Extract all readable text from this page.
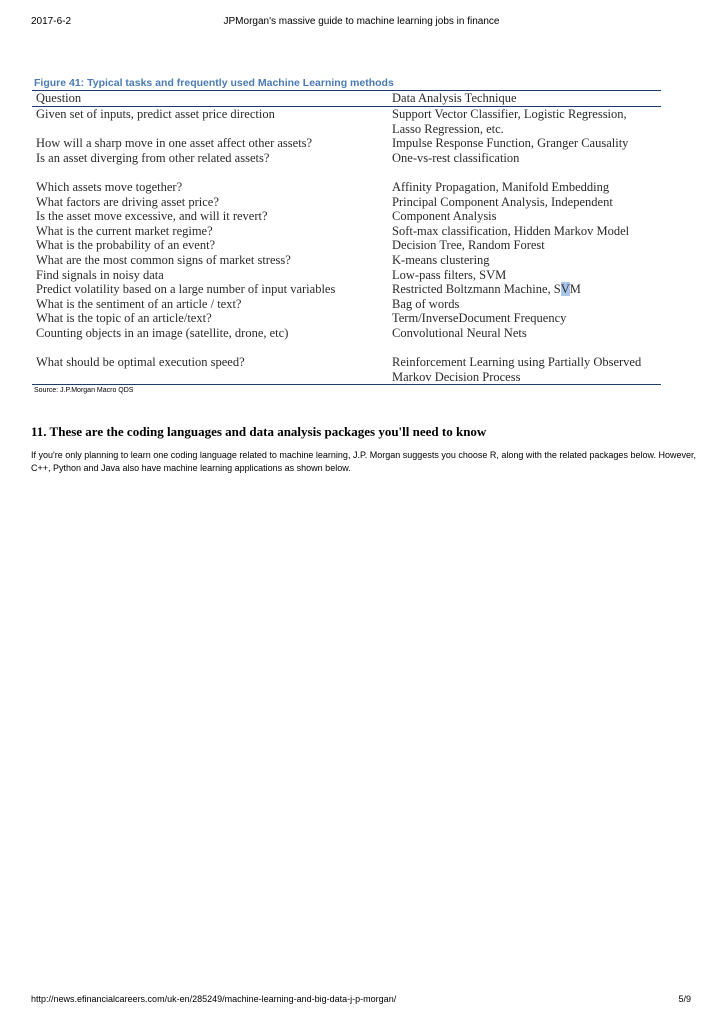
2017-6-2	JPMorgan's massive guide to machine learning jobs in finance
Figure 41: Typical tasks and frequently used Machine Learning methods
Question	Data Analysis Technique
Given set of inputs, predict asset price direction	Support Vector Classifier, Logistic Regression,
Lasso Regression, etc.
How will a sharp move in one asset affect other assets?	Impulse Response Function, Granger Causality
Is an asset diverging from other related assets?	One-vs-rest classification
Which assets move together?	Affinity Propagation, Manifold Embedding
What factors are driving asset price?	Principal Component Analysis, Independent
Is the asset move excessive, and will it revert?	Component Analysis
What is the current market regime?	Soft-max classification, Hidden Markov Model
What is the probability of an event?	Decision Tree, Random Forest
What are the most common signs of market stress?	K-means clustering
Find signals in noisy data	Low-pass filters, SVM
Predict volatility based on a large number of input variables	Restricted Boltzmann Machine, SVM
What is the sentiment of an article / text?	Bag of words
What is the topic of an article/text?	Term/InverseDocument Frequency
Counting objects in an image (satellite, drone, etc)	Convolutional Neural Nets
What should be optimal execution speed?	Reinforcement Learning using Partially Observed
Markov Decision Process
Source: J.P.Morgan Macro QDS
11. These are the coding languages and data analysis packages you'll need to know
If you're only planning to learn one coding language related to machine learning, J.P. Morgan suggests you choose R, along with the related packages below. However, C++, Python and Java also have machine learning applications as shown below.
http://news.efinancialcareers.com/uk-en/285249/machine-learning-and-big-data-j-p-morgan/	5/9
